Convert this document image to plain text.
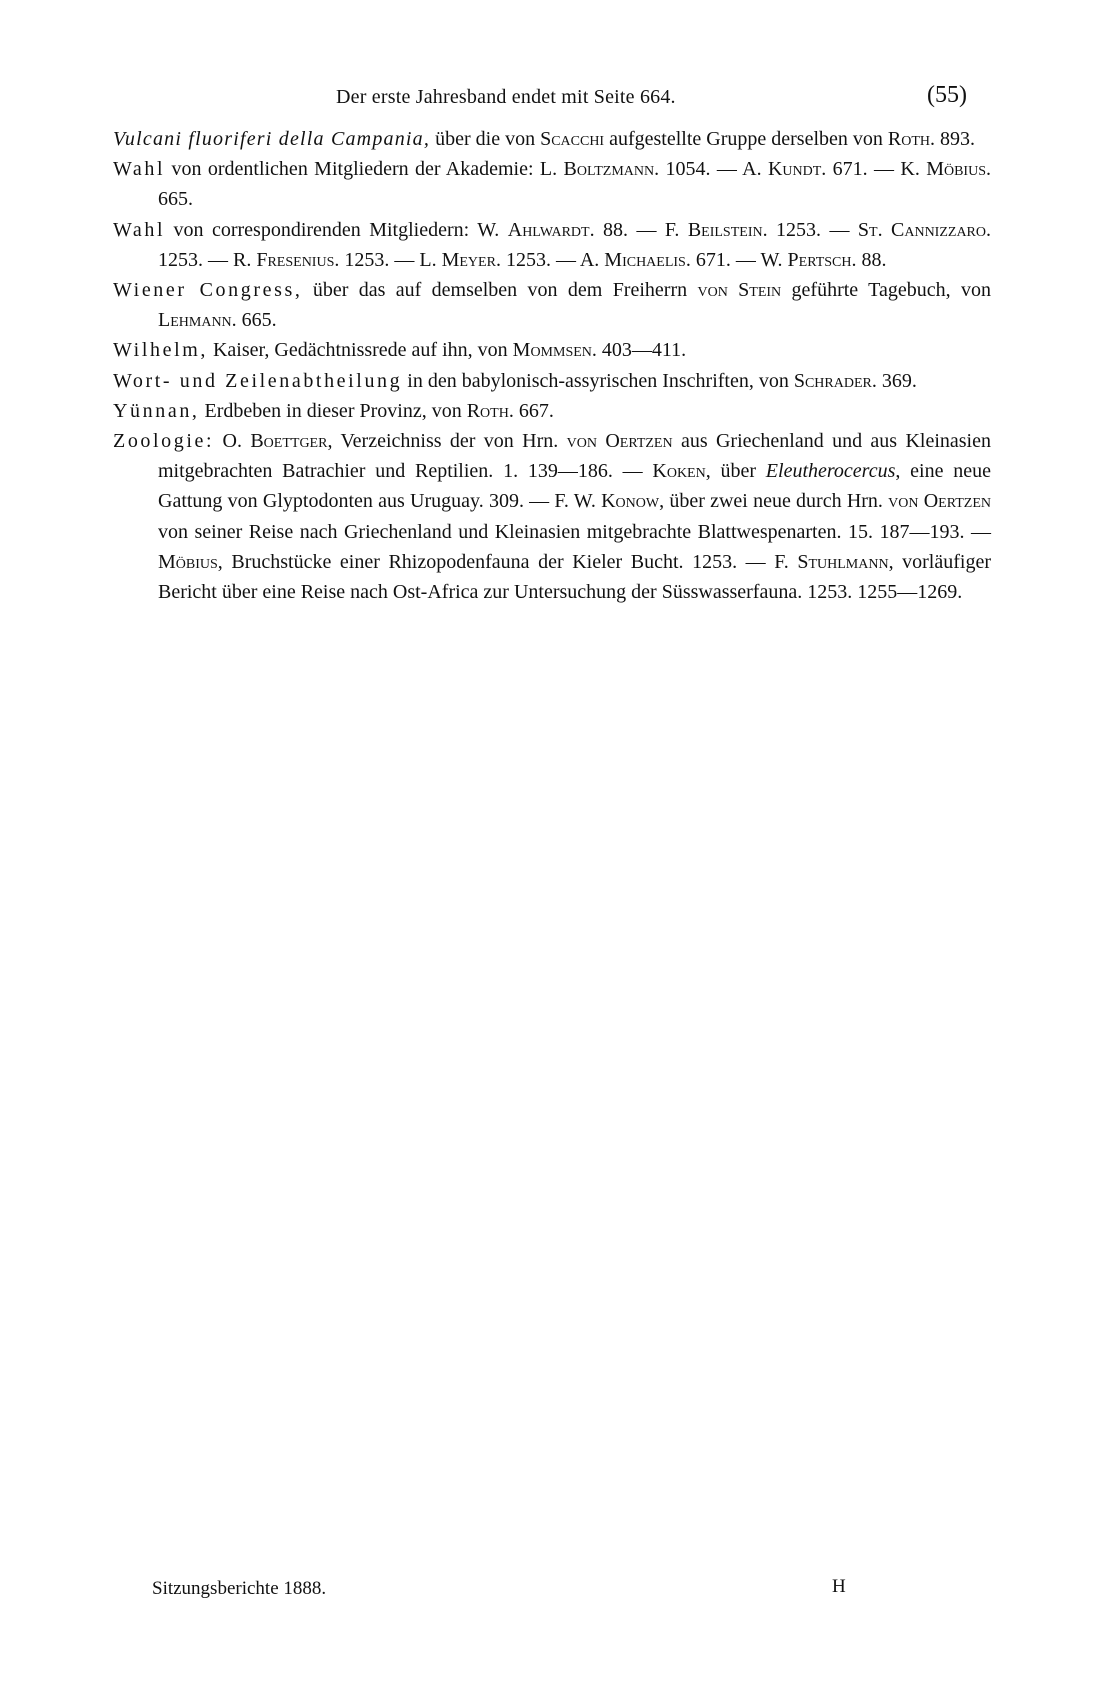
Der erste Jahresband endet mit Seite 664.	(55)

Vulcani fluoriferi della Campania, über die von Scacchi aufgestellte Gruppe derselben von Roth. 893.

Wahl von ordentlichen Mitgliedern der Akademie: L. Boltzmann. 1054. — A. Kundt. 671. — K. Möbius. 665.

Wahl von correspondirenden Mitgliedern: W. Ahlwardt. 88. — F. Beilstein. 1253. — St. Cannizzaro. 1253. — R. Fresenius. 1253. — L. Meyer. 1253. — A. Michaelis. 671. — W. Pertsch. 88.

Wiener Congress, über das auf demselben von dem Freiherrn von Stein geführte Tagebuch, von Lehmann. 665.

Wilhelm, Kaiser, Gedächtnissrede auf ihn, von Mommsen. 403—411.

Wort- und Zeilenabtheilung in den babylonisch-assyrischen Inschriften, von Schrader. 369.

Yünnan, Erdbeben in dieser Provinz, von Roth. 667.

Zoologie: O. Boettger, Verzeichniss der von Hrn. von Oertzen aus Griechenland und aus Kleinasien mitgebrachten Batrachier und Reptilien. 1. 139—186. — Koken, über Eleutherocercus, eine neue Gattung von Glyptodonten aus Uruguay. 309. — F. W. Konow, über zwei neue durch Hrn. von Oertzen von seiner Reise nach Griechenland und Kleinasien mitgebrachte Blattwespenarten. 15. 187—193. — Möbius, Bruchstücke einer Rhizopodenfauna der Kieler Bucht. 1253. — F. Stuhlmann, vorläufiger Bericht über eine Reise nach Ost-Africa zur Untersuchung der Süsswasserfauna. 1253. 1255—1269.

Sitzungsberichte 1888.	H
